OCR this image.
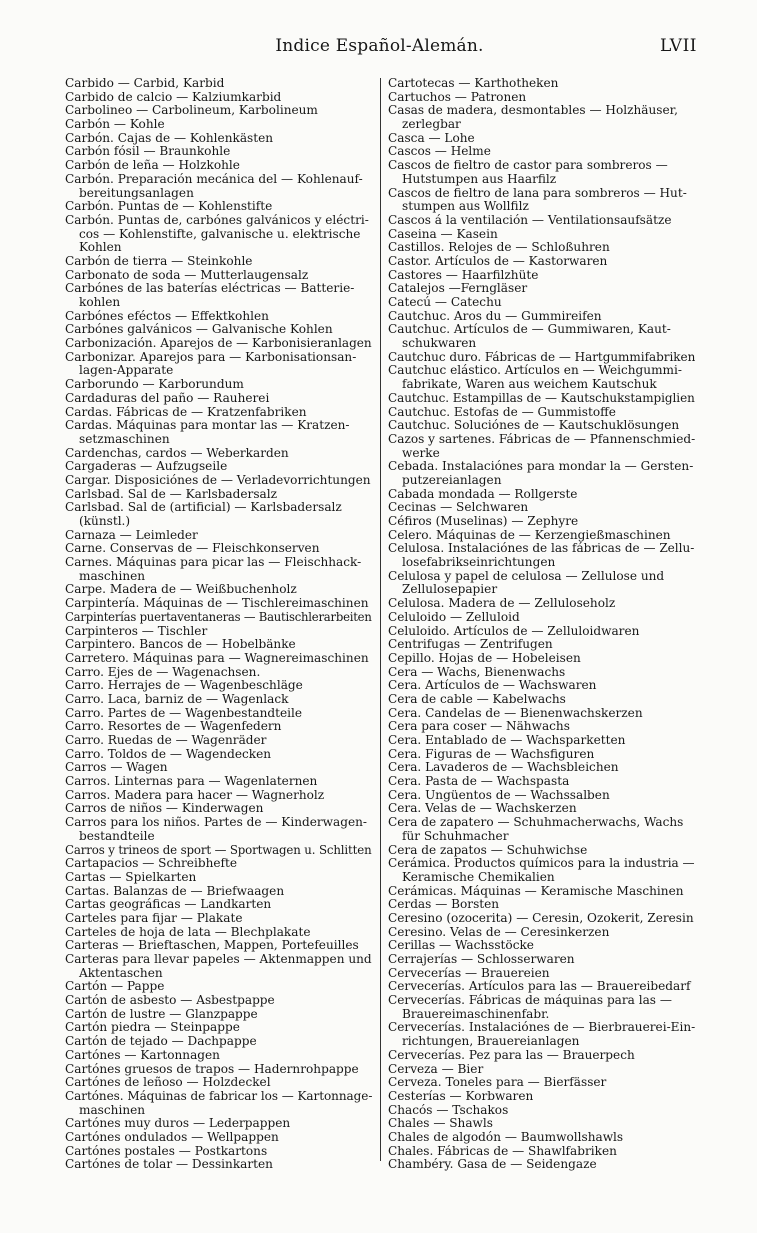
Indice Español-Alemán.	LVII
Carbido — Carbid, Karbid
Carbido de calcio — Kalziumkarbid
Carbolineo — Carbolineum, Karbolineum
Carbón — Kohle
Carbón. Cajas de — Kohlenkästen
Carbón fósil — Braunkohle
Carbón de leña — Holzkohle
Carbón. Preparación mecánica del — Kohlenauf-
bereitungsanlagen
Carbón. Puntas de — Kohlenstifte
Carbón. Puntas de, carbónes galvánicos y eléctri-
cos — Kohlenstifte, galvanische u. elektrische
Kohlen
Carbón de tierra — Steinkohle
Carbonato de soda — Mutterlaugensalz
Carbónes de las baterías eléctricas — Batterie-
kohlen
Carbónes eféctos — Effektkohlen
Carbónes galvánicos — Galvanische Kohlen
Carbonización. Aparejos de — Karbonisieranlagen
Carbonizar. Aparejos para — Karbonisationsan-
lagen-Apparate
Carborundo — Karborundum
Cardaduras del paño — Rauherei
Cardas. Fábricas de — Kratzenfabriken
Cardas. Máquinas para montar las — Kratzen-
setzmaschinen
Cardenchas, cardos — Weberkarden
Cargaderas — Aufzugseile
Cargar. Disposiciónes de — Verladevorrichtungen
Carlsbad. Sal de — Karlsbadersalz
Carlsbad. Sal de (artificial) — Karlsbadersalz
(künstl.)
Carnaza — Leimleder
Carne. Conservas de — Fleischkonserven
Carnes. Máquinas para picar las — Fleischhack-
maschinen
Carpe. Madera de — Weißbuchenholz
Carpintería. Máquinas de — Tischlereimaschinen
Carpinterías puertaventaneras — Bautischlerarbeiten
Carpinteros — Tischler
Carpintero. Bancos de — Hobelbänke
Carretero. Máquinas para — Wagnereimaschinen
Carro. Ejes de — Wagenachsen.
Carro. Herrajes de — Wagenbeschläge
Carro. Laca, barniz de — Wagenlack
Carro. Partes de — Wagenbestandteile
Carro. Resortes de — Wagenfedern
Carro. Ruedas de — Wagenräder
Carro. Toldos de — Wagendecken
Carros — Wagen
Carros. Linternas para — Wagenlaternen
Carros. Madera para hacer — Wagnerholz
Carros de niños — Kinderwagen
Carros para los niños. Partes de — Kinderwagen-
bestandteile
Carros y trineos de sport — Sportwagen u. Schlitten
Cartapacios — Schreibhefte
Cartas — Spielkarten
Cartas. Balanzas de — Briefwaagen
Cartas geográficas — Landkarten
Carteles para fijar — Plakate
Carteles de hoja de lata — Blechplakate
Carteras — Brieftaschen, Mappen, Portefeuilles
Carteras para llevar papeles — Aktenmappen und
Aktentaschen
Cartón — Pappe
Cartón de asbesto — Asbestpappe
Cartón de lustre — Glanzpappe
Cartón piedra — Steinpappe
Cartón de tejado — Dachpappe
Cartónes — Kartonnagen
Cartónes gruesos de trapos — Hadernrohpappe
Cartónes de leñoso — Holzdeckel
Cartónes. Máquinas de fabricar los — Kartonnage-
maschinen
Cartónes muy duros — Lederpappen
Cartónes ondulados — Wellpappen
Cartónes postales — Postkartons
Cartónes de tolar — Dessinkarten
Cartotecas — Karthotheken
Cartuchos — Patronen
Casas de madera, desmontables — Holzhäuser,
zerlegbar
Casca — Lohe
Cascos — Helme
Cascos de fieltro de castor para sombreros —
Hutstumpen aus Haarfilz
Cascos de fieltro de lana para sombreros — Hut-
stumpen aus Wollfilz
Cascos á la ventilación — Ventilationsaufsätze
Caseina — Kasein
Castillos. Relojes de — Schloßuhren
Castor. Artículos de — Kastorwaren
Castores — Haarfilzhüte
Catalejos —Ferngläser
Catecú — Catechu
Cautchuc. Aros du — Gummireifen
Cautchuc. Artículos de — Gummiwaren, Kaut-
schukwaren
Cautchuc duro. Fábricas de — Hartgummifabriken
Cautchuc elástico. Artículos en — Weichgummi-
fabrikate, Waren aus weichem Kautschuk
Cautchuc. Estampillas de — Kautschukstampiglien
Cautchuc. Estofas de — Gummistoffe
Cautchuc. Soluciónes de — Kautschuklösungen
Cazos y sartenes. Fábricas de — Pfannenschmied-
werke
Cebada. Instalaciónes para mondar la — Gersten-
putzereianlagen
Cabada mondada — Rollgerste
Cecinas — Selchwaren
Céfiros (Muselinas) — Zephyre
Celero. Máquinas de — Kerzengießmaschinen
Celulosa. Instalaciónes de las fábricas de — Zellu-
losefabrikseinrichtungen
Celulosa y papel de celulosa — Zellulose und
Zellulosepapier
Celulosa. Madera de — Zelluloseholz
Celuloido — Zelluloid
Celuloido. Artículos de — Zelluloidwaren
Centrifugas — Zentrifugen
Cepillo. Hojas de — Hobeleisen
Cera — Wachs, Bienenwachs
Cera. Artículos de — Wachswaren
Cera de cable — Kabelwachs
Cera. Candelas de — Bienenwachskerzen
Cera para coser — Nähwachs
Cera. Entablado de — Wachsparketten
Cera. Figuras de — Wachsfiguren
Cera. Lavaderos de — Wachsbleichen
Cera. Pasta de — Wachspasta
Cera. Ungüentos de — Wachssalben
Cera. Velas de — Wachskerzen
Cera de zapatero — Schuhmacherwachs, Wachs
für Schuhmacher
Cera de zapatos — Schuhwichse
Cerámica. Productos químicos para la industria —
Keramische Chemikalien
Cerámicas. Máquinas — Keramische Maschinen
Cerdas — Borsten
Ceresino (ozocerita) — Ceresin, Ozokerit, Zeresin
Ceresino. Velas de — Ceresinkerzen
Cerillas — Wachsstöcke
Cerrajerías — Schlosserwaren
Cervecerías — Brauereien
Cervecerías. Artículos para las — Brauereibedarf
Cervecerías. Fábricas de máquinas para las —
Brauereimaschinenfabr.
Cervecerías. Instalaciónes de — Bierbrauerei-Ein-
richtungen, Brauereianlagen
Cervecerías. Pez para las — Brauerpech
Cerveza — Bier
Cerveza. Toneles para — Bierfässer
Cesterías — Korbwaren
Chacós — Tschakos
Chales — Shawls
Chales de algodón — Baumwollshawls
Chales. Fábricas de — Shawlfabriken
Chambéry. Gasa de — Seidengaze
